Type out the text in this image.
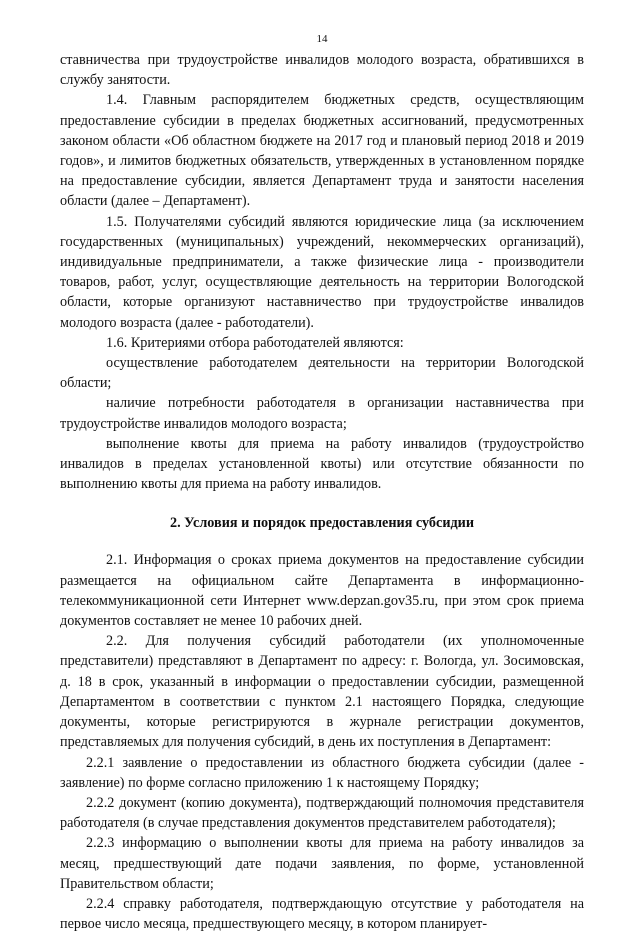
14

ставничества при трудоустройстве инвалидов молодого возраста, обратившихся в службу занятости.

1.4. Главным распорядителем бюджетных средств, осуществляющим предоставление субсидии в пределах бюджетных ассигнований, предусмотренных законом области «Об областном бюджете на 2017 год и плановый период 2018 и 2019 годов», и лимитов бюджетных обязательств, утвержденных в установленном порядке на предоставление субсидии, является Департамент труда и занятости населения области (далее – Департамент).

1.5. Получателями субсидий являются юридические лица (за исключением государственных (муниципальных) учреждений, некоммерческих организаций), индивидуальные предприниматели, а также физические лица - производители товаров, работ, услуг, осуществляющие деятельность на территории Вологодской области, которые организуют наставничество при трудоустройстве инвалидов молодого возраста (далее - работодатели).

1.6. Критериями отбора работодателей являются:

осуществление работодателем деятельности на территории Вологодской области;

наличие потребности работодателя в организации наставничества при трудоустройстве инвалидов молодого возраста;

выполнение квоты для приема на работу инвалидов (трудоустройство инвалидов в пределах установленной квоты) или отсутствие обязанности по выполнению квоты для приема на работу инвалидов.

2. Условия и порядок предоставления субсидии

2.1. Информация о сроках приема документов на предоставление субсидии размещается на официальном сайте Департамента в информационно-телекоммуникационной сети Интернет www.depzan.gov35.ru, при этом срок приема документов составляет не менее 10 рабочих дней.

2.2. Для получения субсидий работодатели (их уполномоченные представители) представляют в Департамент по адресу: г. Вологда, ул. Зосимовская, д. 18 в срок, указанный в информации о предоставлении субсидии, размещенной Департаментом в соответствии с пунктом 2.1 настоящего Порядка, следующие документы, которые регистрируются в журнале регистрации документов, представляемых для получения субсидий, в день их поступления в Департамент:

2.2.1 заявление о предоставлении из областного бюджета субсидии (далее - заявление) по форме согласно приложению 1 к настоящему Порядку;

2.2.2 документ (копию документа), подтверждающий полномочия представителя работодателя (в случае представления документов представителем работодателя);

2.2.3 информацию о выполнении квоты для приема на работу инвалидов за месяц, предшествующий дате подачи заявления, по форме, установленной Правительством области;

2.2.4 справку работодателя, подтверждающую отсутствие у работодателя на первое число месяца, предшествующего месяцу, в котором планирует-
